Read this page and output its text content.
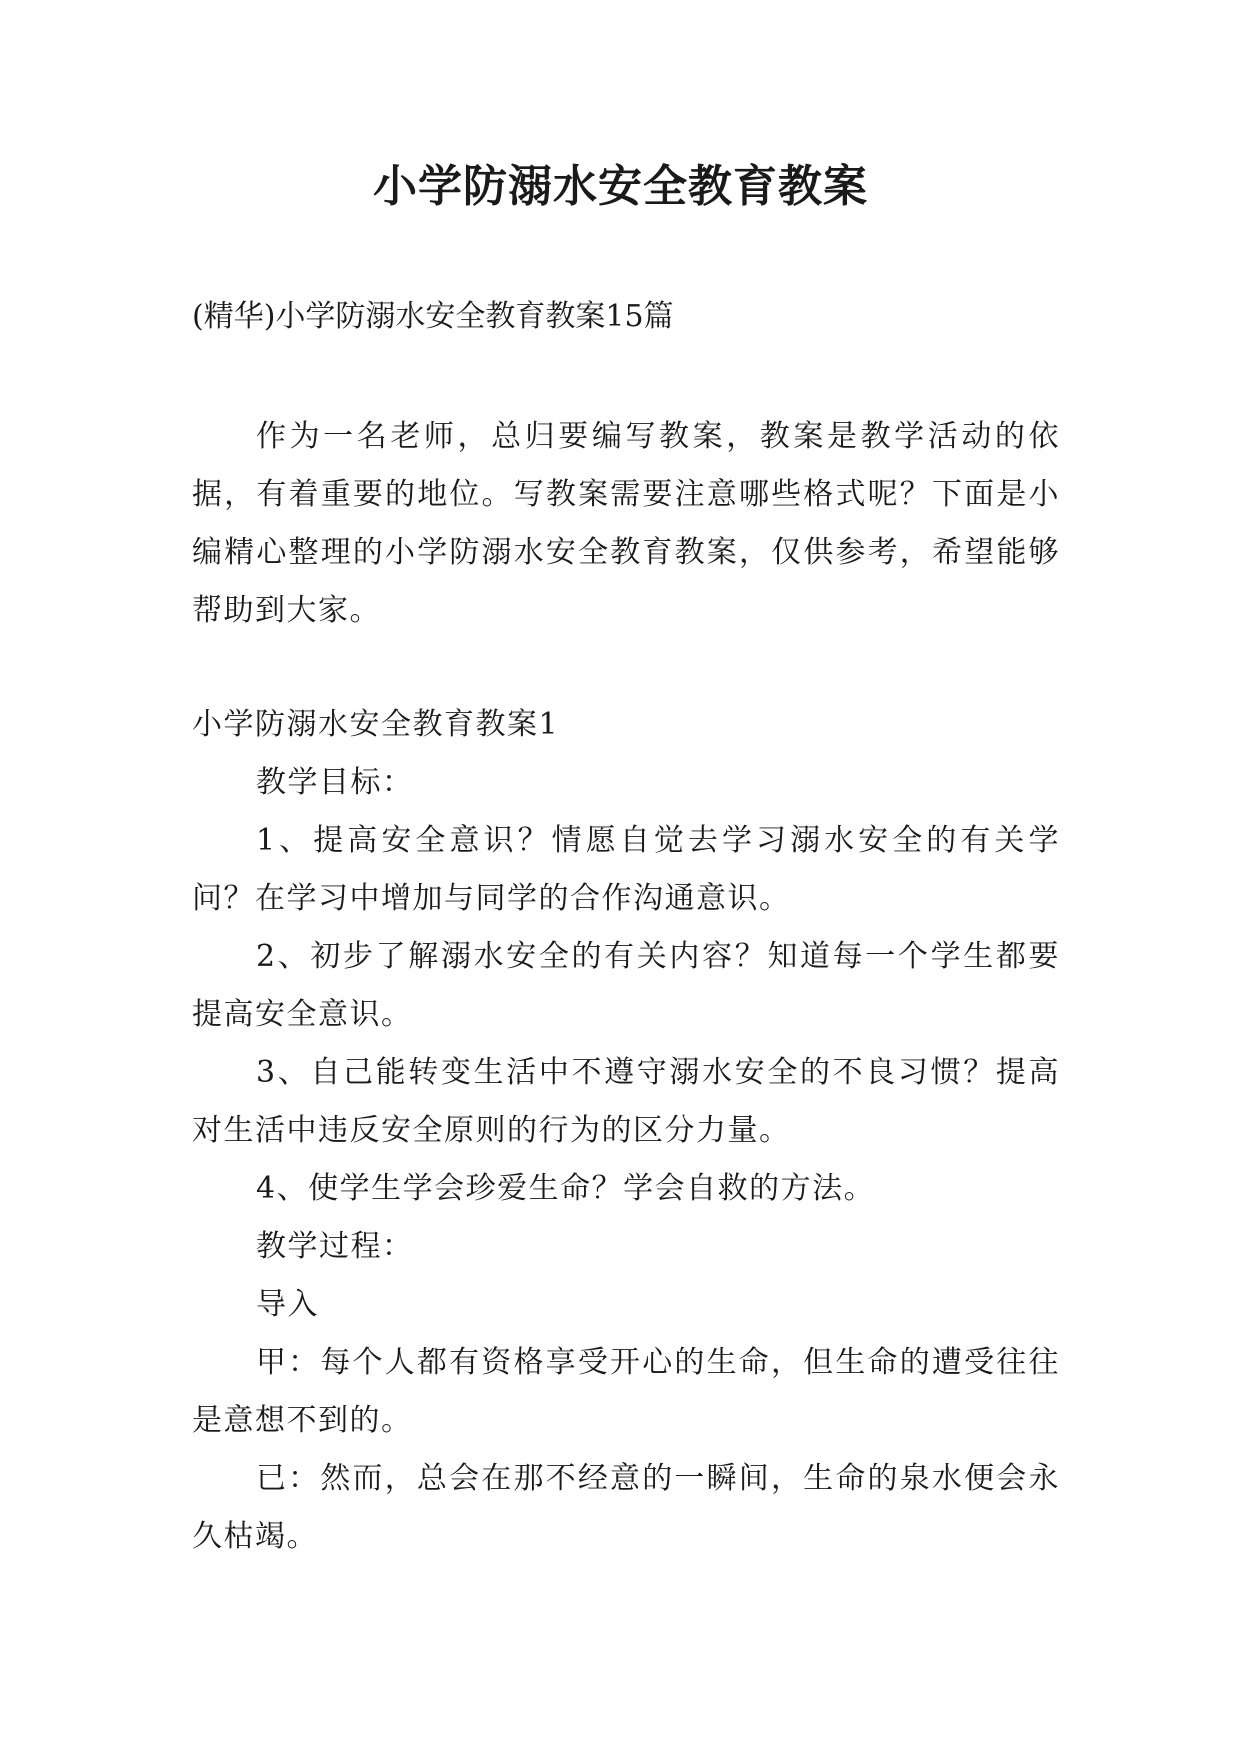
小学防溺水安全教育教案
(精华)小学防溺水安全教育教案15篇

作为一名老师，总归要编写教案，教案是教学活动的依据，有着重要的地位。写教案需要注意哪些格式呢？下面是小编精心整理的小学防溺水安全教育教案，仅供参考，希望能够帮助到大家。

小学防溺水安全教育教案1

教学目标：

1、提高安全意识？情愿自觉去学习溺水安全的有关学问？在学习中增加与同学的合作沟通意识。

2、初步了解溺水安全的有关内容？知道每一个学生都要提高安全意识。

3、自己能转变生活中不遵守溺水安全的不良习惯？提高对生活中违反安全原则的行为的区分力量。

4、使学生学会珍爱生命？学会自救的方法。

教学过程：

导入

甲：每个人都有资格享受开心的生命，但生命的遭受往往是意想不到的。

已：然而，总会在那不经意的一瞬间，生命的泉水便会永久枯竭。
